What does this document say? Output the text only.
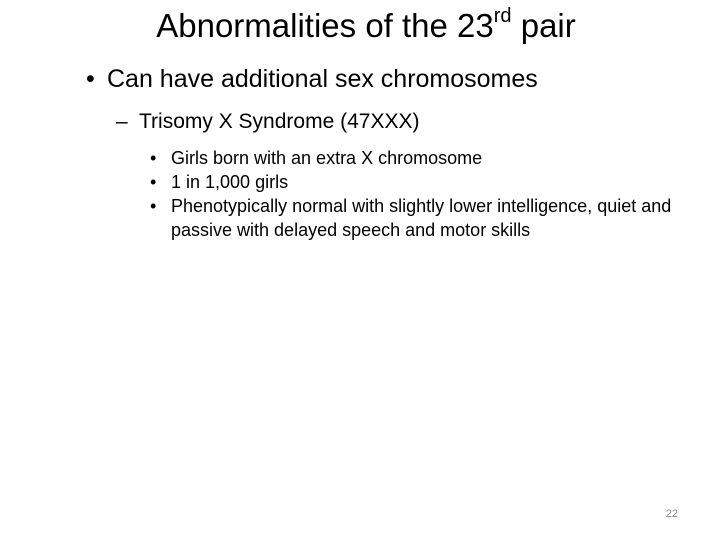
Abnormalities of the 23rd pair
• Can have additional sex chromosomes
– Trisomy X Syndrome (47XXX)
• Girls born with an extra X chromosome
• 1 in 1,000 girls
• Phenotypically normal with slightly lower intelligence, quiet and passive with delayed speech and motor skills
22
